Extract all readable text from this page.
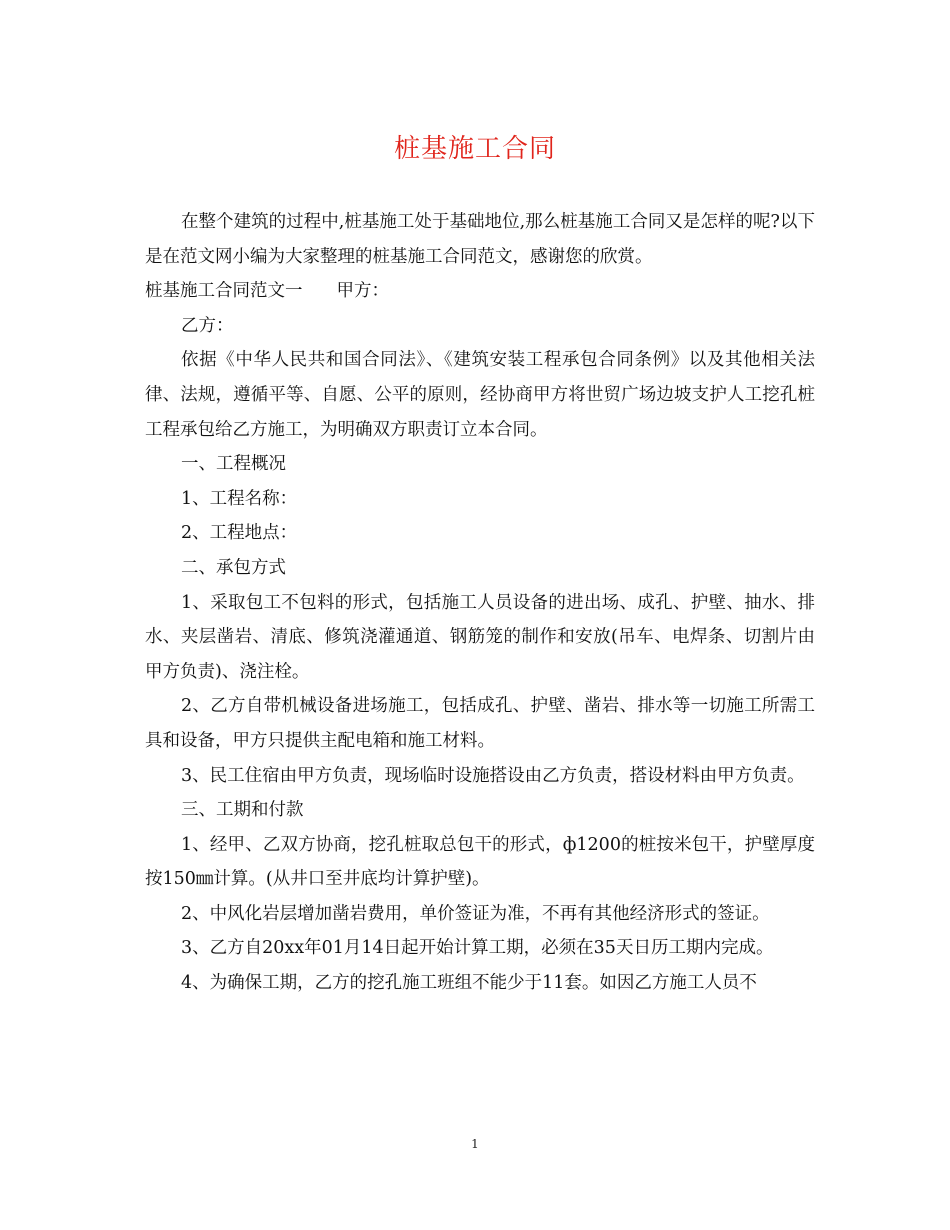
桩基施工合同

在整个建筑的过程中,桩基施工处于基础地位,那么桩基施工合同又是怎样的呢?以下是在范文网小编为大家整理的桩基施工合同范文，感谢您的欣赏。

桩基施工合同范文一 甲方：

乙方：

依据《中华人民共和国合同法》、《建筑安装工程承包合同条例》以及其他相关法律、法规，遵循平等、自愿、公平的原则，经协商甲方将世贸广场边坡支护人工挖孔桩工程承包给乙方施工，为明确双方职责订立本合同。

一、工程概况

1、工程名称：

2、工程地点：

二、承包方式

1、采取包工不包料的形式，包括施工人员设备的进出场、成孔、护壁、抽水、排水、夹层凿岩、清底、修筑浇灌通道、钢筋笼的制作和安放(吊车、电焊条、切割片由甲方负责)、浇注栓。

2、乙方自带机械设备进场施工，包括成孔、护壁、凿岩、排水等一切施工所需工具和设备，甲方只提供主配电箱和施工材料。

3、民工住宿由甲方负责，现场临时设施搭设由乙方负责，搭设材料由甲方负责。

三、工期和付款

1、经甲、乙双方协商，挖孔桩取总包干的形式，ф1200的桩按米包干，护壁厚度按150㎜计算。(从井口至井底均计算护壁)。

2、中风化岩层增加凿岩费用，单价签证为准，不再有其他经济形式的签证。

3、乙方自20xx年01月14日起开始计算工期，必须在35天日历工期内完成。

4、为确保工期，乙方的挖孔施工班组不能少于11套。如因乙方施工人员不

1
